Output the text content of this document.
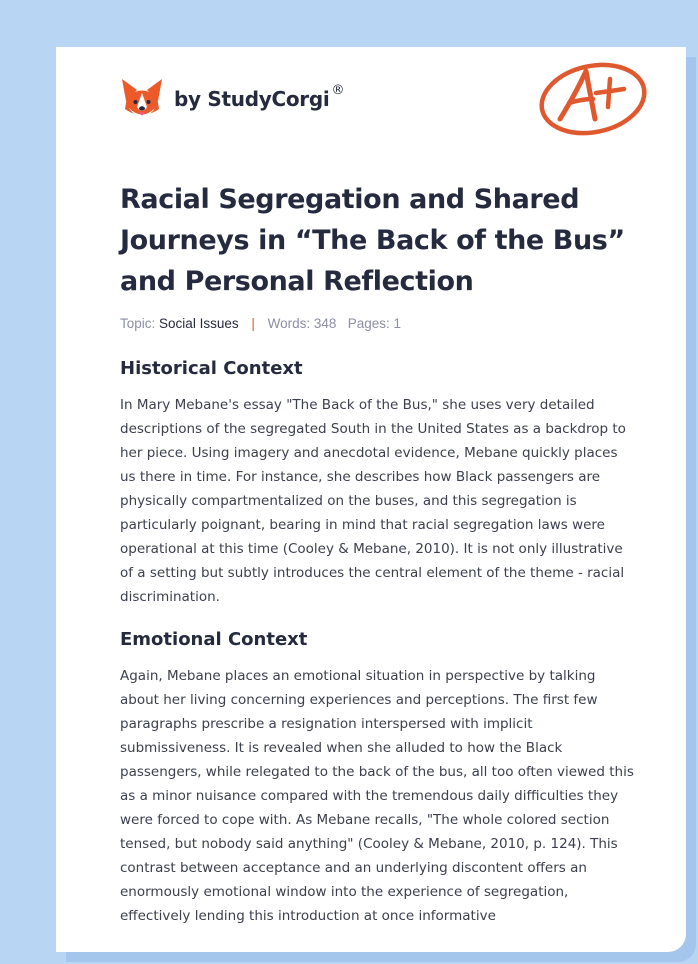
by StudyCorgi ®
Racial Segregation and Shared Journeys in “The Back of the Bus” and Personal Reflection
Topic: Social Issues | Words: 348 Pages: 1
Historical Context

In Mary Mebane's essay "The Back of the Bus," she uses very detailed descriptions of the segregated South in the United States as a backdrop to her piece. Using imagery and anecdotal evidence, Mebane quickly places us there in time. For instance, she describes how Black passengers are physically compartmentalized on the buses, and this segregation is particularly poignant, bearing in mind that racial segregation laws were operational at this time (Cooley & Mebane, 2010). It is not only illustrative of a setting but subtly introduces the central element of the theme - racial discrimination.

Emotional Context

Again, Mebane places an emotional situation in perspective by talking about her living concerning experiences and perceptions. The first few paragraphs prescribe a resignation interspersed with implicit submissiveness. It is revealed when she alluded to how the Black passengers, while relegated to the back of the bus, all too often viewed this as a minor nuisance compared with the tremendous daily difficulties they were forced to cope with. As Mebane recalls, "The whole colored section tensed, but nobody said anything" (Cooley & Mebane, 2010, p. 124). This contrast between acceptance and an underlying discontent offers an enormously emotional window into the experience of segregation, effectively lending this introduction at once informative
